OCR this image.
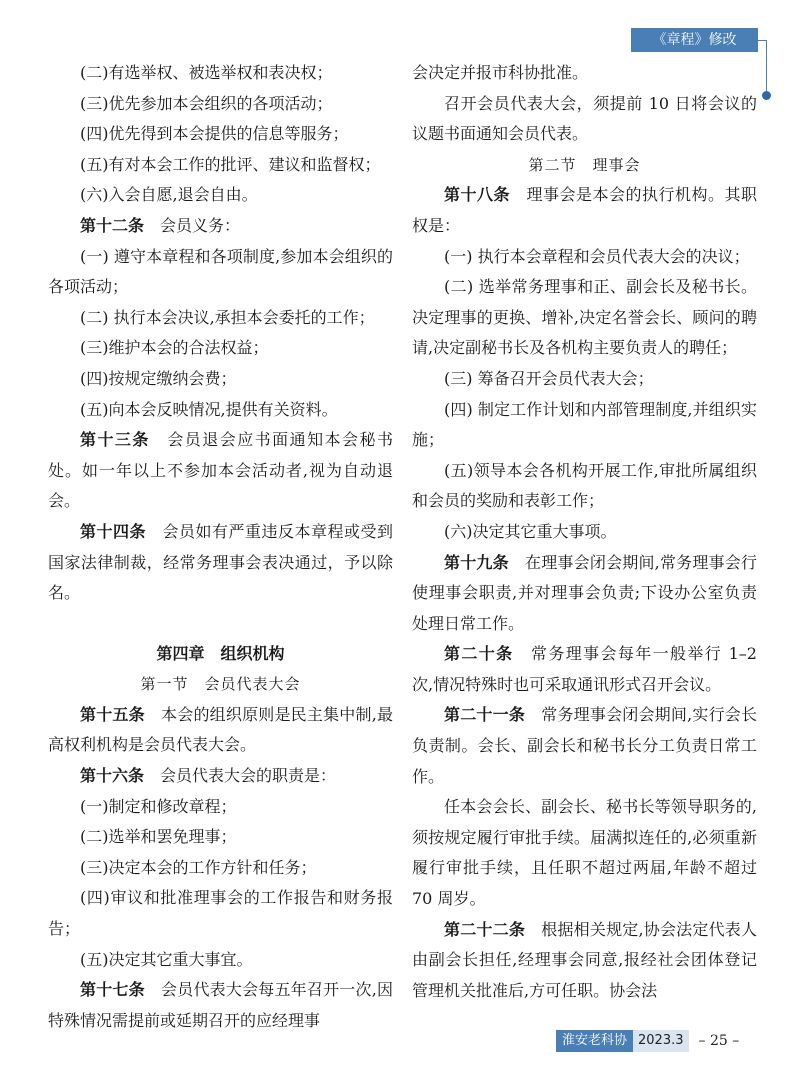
《章程》修改

(二)有选举权、被选举权和表决权；

(三)优先参加本会组织的各项活动；

(四)优先得到本会提供的信息等服务；

(五)有对本会工作的批评、建议和监督权；

(六)入会自愿,退会自由。

第十二条　 会员义务：

(一) 遵守本章程和各项制度,参加本会组织的各项活动；

(二) 执行本会决议,承担本会委托的工作；

(三)维护本会的合法权益；

(四)按规定缴纳会费；

(五)向本会反映情况,提供有关资料。

第十三条　 会员退会应书面通知本会秘书处。如一年以上不参加本会活动者,视为自动退会。

第十四条　 会员如有严重违反本章程或受到国家法律制裁，经常务理事会表决通过，予以除名。

第四章　组织机构

第一节　会员代表大会

第十五条　 本会的组织原则是民主集中制,最高权利机构是会员代表大会。

第十六条　 会员代表大会的职责是：

(一)制定和修改章程；

(二)选举和罢免理事；

(三)决定本会的工作方针和任务；

(四)审议和批准理事会的工作报告和财务报告；

(五)决定其它重大事宜。

第十七条　 会员代表大会每五年召开一次,因特殊情况需提前或延期召开的应经理事

会决定并报市科协批准。

召开会员代表大会，须提前 10 日将会议的议题书面通知会员代表。

第二节　理事会

第十八条　 理事会是本会的执行机构。其职权是：

(一) 执行本会章程和会员代表大会的决议；

(二) 选举常务理事和正、副会长及秘书长。决定理事的更换、增补,决定名誉会长、顾问的聘请,决定副秘书长及各机构主要负责人的聘任；

(三) 筹备召开会员代表大会；

(四) 制定工作计划和内部管理制度,并组织实施；

(五)领导本会各机构开展工作,审批所属组织和会员的奖励和表彰工作；

(六)决定其它重大事项。

第十九条　 在理事会闭会期间,常务理事会行使理事会职责,并对理事会负责;下设办公室负责处理日常工作。

第二十条　 常务理事会每年一般举行 1–2 次,情况特殊时也可采取通讯形式召开会议。

第二十一条　 常务理事会闭会期间,实行会长负责制。会长、副会长和秘书长分工负责日常工作。

任本会会长、副会长、秘书长等领导职务的,须按规定履行审批手续。届满拟连任的,必须重新履行审批手续，且任职不超过两届,年龄不超过 70 周岁。

第二十二条　 根据相关规定,协会法定代表人由副会长担任,经理事会同意,报经社会团体登记管理机关批准后,方可任职。协会法

淮安老科协 2023.3	– 25 –
